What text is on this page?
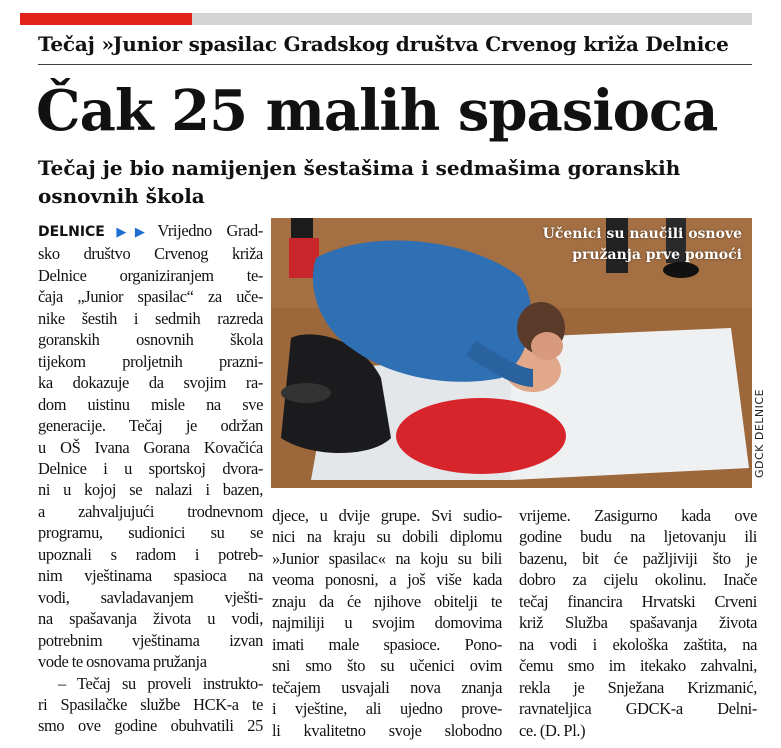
Tečaj »Junior spasilac Gradskog društva Crvenog križa Delnice
Čak 25 malih spasioca
Tečaj je bio namijenjen šestašima i sedmašima goranskih osnovnih škola

DELNICE▶▶ Vrijedno Grad-
sko društvo Crvenog križa
Delnice organiziranjem te-
čaja „Junior spasilac“ za uče-
nike šestih i sedmih razreda
goranskih osnovnih škola
tijekom proljetnih prazni-
ka dokazuje da svojim ra-
dom uistinu misle na sve
generacije. Tečaj je održan
u OŠ Ivana Gorana Kovačića
Delnice i u sportskoj dvora-
ni u kojoj se nalazi i bazen,
a zahvaljujući trodnevnom
programu, sudionici su se
upoznali s radom i potreb-
nim vještinama spasioca na
vodi, savladavanjem vješti-
na spašavanja života u vodi,
potrebnim vještinama izvan
vode te osnovama pružanja

– Tečaj su proveli instrukto-
ri Spasilačke službe HCK-a te
smo ove godine obuhvatili 25

Učenici su naučili osnove pružanja prve pomoći
GDCK DELNICE

djece, u dvije grupe. Svi sudio-
nici na kraju su dobili diplomu
»Junior spasilac« na koju su bili
veoma ponosni, a još više kada
znaju da će njihove obitelji te
najmiliji u svojim domovima
imati male spasioce. Pono-
sni smo što su učenici ovim
tečajem usvajali nova znanja
i vještine, ali ujedno prove-
li kvalitetno svoje slobodno

vrijeme. Zasigurno kada ove
godine budu na ljetovanju ili
bazenu, bit će pažljiviji što je
dobro za cijelu okolinu. Inače
tečaj financira Hrvatski Crveni
križ Služba spašavanja života
na vodi i ekološka zaštita, na
čemu smo im itekako zahvalni,
rekla je Snježana Krizmanić,
ravnateljica GDCK-a Delni-
ce. (D. Pl.)
